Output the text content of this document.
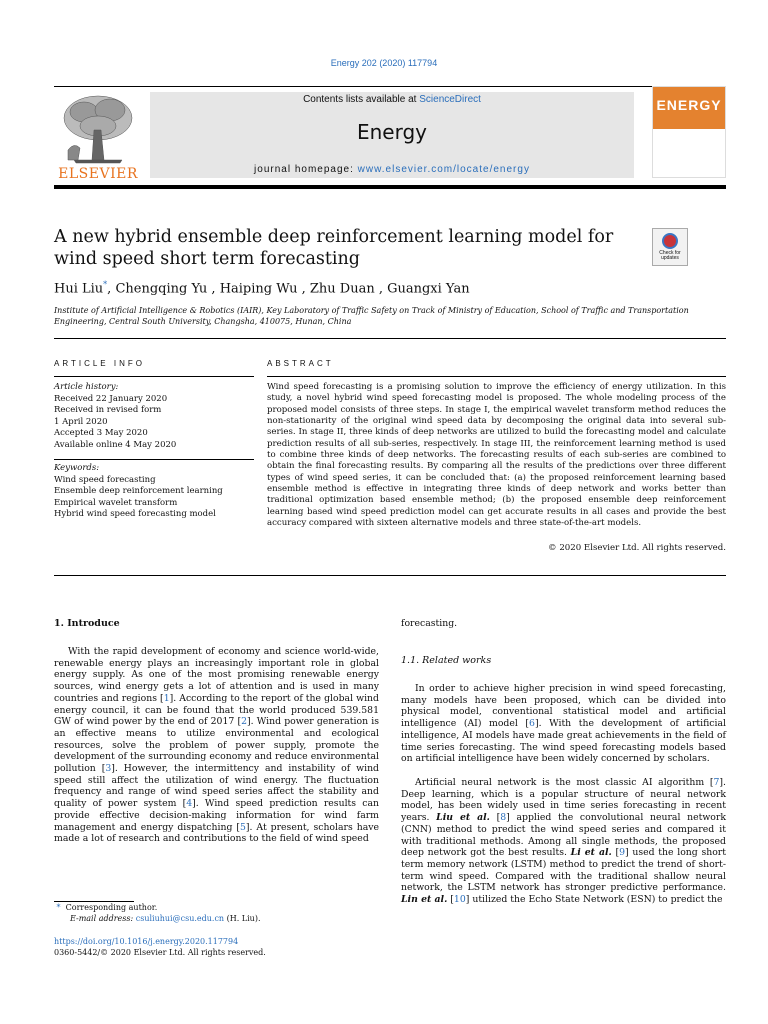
Energy 202 (2020) 117794
ELSEVIER
Contents lists available at ScienceDirect
Energy
journal homepage: www.elsevier.com/locate/energy
ENERGY
A new hybrid ensemble deep reinforcement learning model for wind speed short term forecasting	Check for updates
Hui Liu*, Chengqing Yu , Haiping Wu , Zhu Duan , Guangxi Yan
Institute of Artificial Intelligence & Robotics (IAIR), Key Laboratory of Traffic Safety on Track of Ministry of Education, School of Traffic and Transportation Engineering, Central South University, Changsha, 410075, Hunan, China
ARTICLE INFO	ABSTRACT
Article history:
Received 22 January 2020
Received in revised form
1 April 2020
Accepted 3 May 2020
Available online 4 May 2020
Keywords:
Wind speed forecasting
Ensemble deep reinforcement learning
Empirical wavelet transform
Hybrid wind speed forecasting model
Wind speed forecasting is a promising solution to improve the efficiency of energy utilization. In this study, a novel hybrid wind speed forecasting model is proposed. The whole modeling process of the proposed model consists of three steps. In stage I, the empirical wavelet transform method reduces the non-stationarity of the original wind speed data by decomposing the original data into several sub-series. In stage II, three kinds of deep networks are utilized to build the forecasting model and calculate prediction results of all sub-series, respectively. In stage III, the reinforcement learning method is used to combine three kinds of deep networks. The forecasting results of each sub-series are combined to obtain the final forecasting results. By comparing all the results of the predictions over three different types of wind speed series, it can be concluded that: (a) the proposed reinforcement learning based ensemble method is effective in integrating three kinds of deep network and works better than traditional optimization based ensemble method; (b) the proposed ensemble deep reinforcement learning based wind speed prediction model can get accurate results in all cases and provide the best accuracy compared with sixteen alternative models and three state-of-the-art models.
© 2020 Elsevier Ltd. All rights reserved.
1. Introduce
With the rapid development of economy and science world-wide, renewable energy plays an increasingly important role in global energy supply. As one of the most promising renewable energy sources, wind energy gets a lot of attention and is used in many countries and regions [1]. According to the report of the global wind energy council, it can be found that the world produced 539.581 GW of wind power by the end of 2017 [2]. Wind power generation is an effective means to utilize environmental and ecological resources, solve the problem of power supply, promote the development of the surrounding economy and reduce environmental pollution [3]. However, the intermittency and instability of wind speed still affect the utilization of wind energy. The fluctuation frequency and range of wind speed series affect the stability and quality of power system [4]. Wind speed prediction results can provide effective decision-making information for wind farm management and energy dispatching [5]. At present, scholars have made a lot of research and contributions to the field of wind speed
forecasting.
1.1. Related works
In order to achieve higher precision in wind speed forecasting, many models have been proposed, which can be divided into physical model, conventional statistical model and artificial intelligence (AI) model [6]. With the development of artificial intelligence, AI models have made great achievements in the field of time series forecasting. The wind speed forecasting models based on artificial intelligence have been widely concerned by scholars.
Artificial neural network is the most classic AI algorithm [7]. Deep learning, which is a popular structure of neural network model, has been widely used in time series forecasting in recent years. Liu et al. [8] applied the convolutional neural network (CNN) method to predict the wind speed series and compared it with traditional methods. Among all single methods, the proposed deep network got the best results. Li et al. [9] used the long short term memory network (LSTM) method to predict the trend of short-term wind speed. Compared with the traditional shallow neural network, the LSTM network has stronger predictive performance. Lin et al. [10] utilized the Echo State Network (ESN) to predict the
* Corresponding author.
E-mail address: csuliuhui@csu.edu.cn (H. Liu).
https://doi.org/10.1016/j.energy.2020.117794
0360-5442/© 2020 Elsevier Ltd. All rights reserved.
